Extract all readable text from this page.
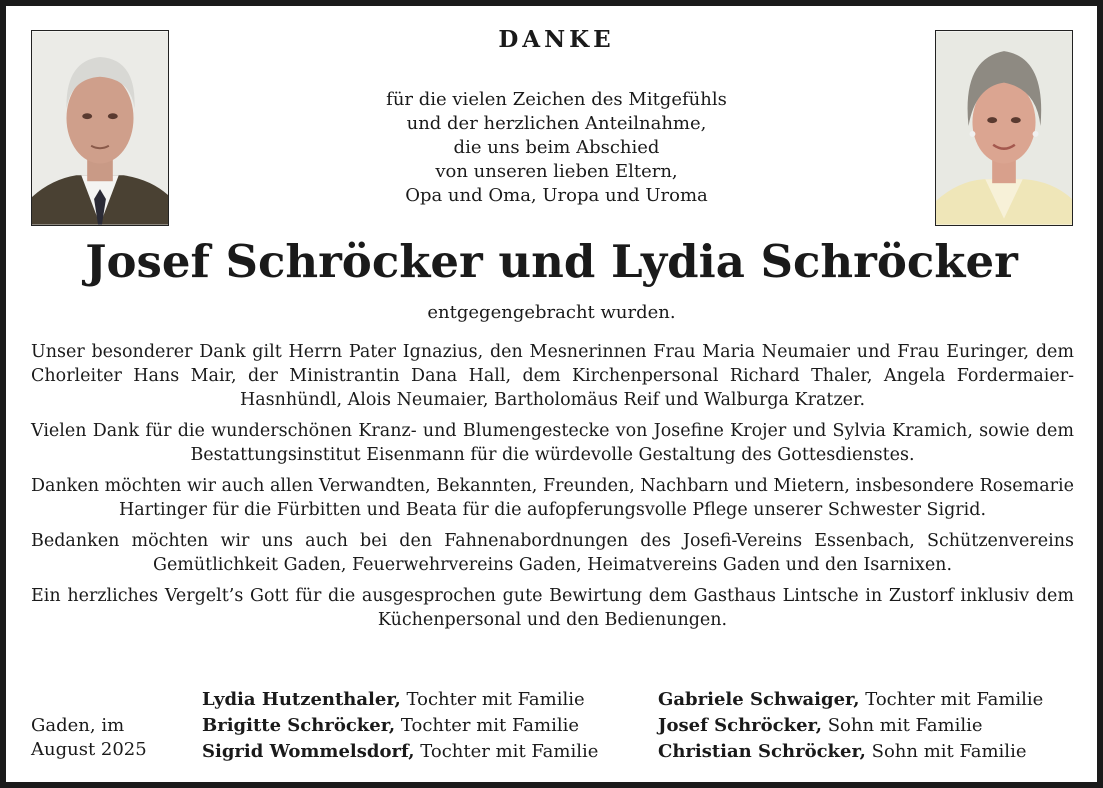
DANKE
für die vielen Zeichen des Mitgefühls
und der herzlichen Anteilnahme,
die uns beim Abschied
von unseren lieben Eltern,
Opa und Oma, Uropa und Uroma
Josef Schröcker und Lydia Schröcker
entgegengebracht wurden.

Unser besonderer Dank gilt Herrn Pater Ignazius, den Mesnerinnen Frau Maria Neumaier und Frau Euringer, dem Chorleiter Hans Mair, der Ministrantin Dana Hall, dem Kirchenpersonal Richard Thaler, Angela Fordermaier-Hasnhündl, Alois Neumaier, Bartholomäus Reif und Walburga Kratzer.

Vielen Dank für die wunderschönen Kranz- und Blumengestecke von Josefine Krojer und Sylvia Kramich, sowie dem Bestattungsinstitut Eisenmann für die würdevolle Gestaltung des Gottesdienstes.

Danken möchten wir auch allen Verwandten, Bekannten, Freunden, Nachbarn und Mietern, insbesondere Rosemarie Hartinger für die Fürbitten und Beata für die aufopferungsvolle Pflege unserer Schwester Sigrid.

Bedanken möchten wir uns auch bei den Fahnenabordnungen des Josefi-Vereins Essenbach, Schützenvereins Gemütlichkeit Gaden, Feuerwehrvereins Gaden, Heimatvereins Gaden und den Isarnixen.

Ein herzliches Vergelt’s Gott für die ausgesprochen gute Bewirtung dem Gasthaus Lintsche in Zustorf inklusiv dem Küchenpersonal und den Bedienungen.

Gaden, im
August 2025
Lydia Hutzenthaler, Tochter mit Familie
Brigitte Schröcker, Tochter mit Familie
Sigrid Wommelsdorf, Tochter mit Familie
Gabriele Schwaiger, Tochter mit Familie
Josef Schröcker, Sohn mit Familie
Christian Schröcker, Sohn mit Familie
